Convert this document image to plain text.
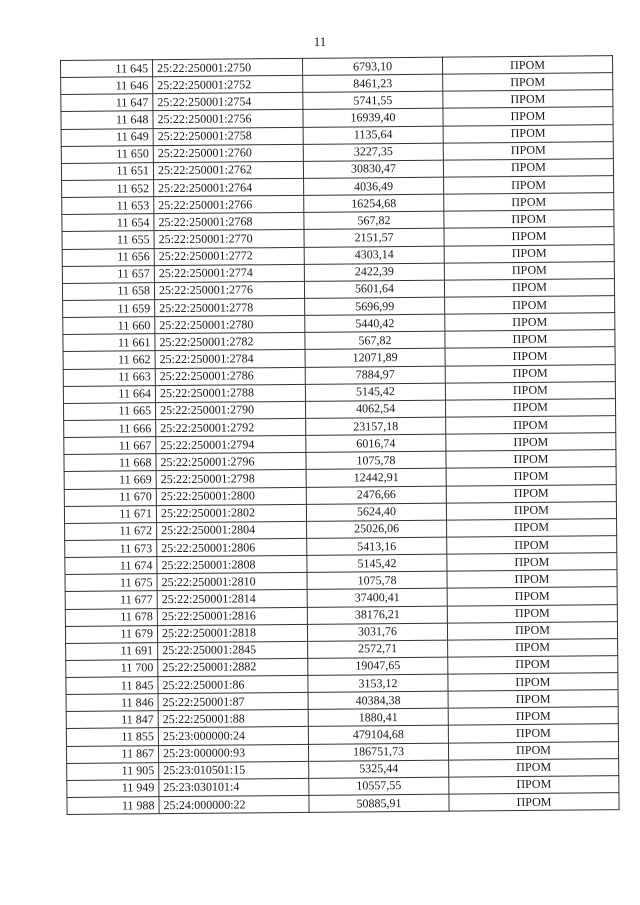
11
11 645	25:22:250001:2750	6793,10	ПРОМ
11 646	25:22:250001:2752	8461,23	ПРОМ
11 647	25:22:250001:2754	5741,55	ПРОМ
11 648	25:22:250001:2756	16939,40	ПРОМ
11 649	25:22:250001:2758	1135,64	ПРОМ
11 650	25:22:250001:2760	3227,35	ПРОМ
11 651	25:22:250001:2762	30830,47	ПРОМ
11 652	25:22:250001:2764	4036,49	ПРОМ
11 653	25:22:250001:2766	16254,68	ПРОМ
11 654	25:22:250001:2768	567,82	ПРОМ
11 655	25:22:250001:2770	2151,57	ПРОМ
11 656	25:22:250001:2772	4303,14	ПРОМ
11 657	25:22:250001:2774	2422,39	ПРОМ
11 658	25:22:250001:2776	5601,64	ПРОМ
11 659	25:22:250001:2778	5696,99	ПРОМ
11 660	25:22:250001:2780	5440,42	ПРОМ
11 661	25:22:250001:2782	567,82	ПРОМ
11 662	25:22:250001:2784	12071,89	ПРОМ
11 663	25:22:250001:2786	7884,97	ПРОМ
11 664	25:22:250001:2788	5145,42	ПРОМ
11 665	25:22:250001:2790	4062,54	ПРОМ
11 666	25:22:250001:2792	23157,18	ПРОМ
11 667	25:22:250001:2794	6016,74	ПРОМ
11 668	25:22:250001:2796	1075,78	ПРОМ
11 669	25:22:250001:2798	12442,91	ПРОМ
11 670	25:22:250001:2800	2476,66	ПРОМ
11 671	25:22:250001:2802	5624,40	ПРОМ
11 672	25:22:250001:2804	25026,06	ПРОМ
11 673	25:22:250001:2806	5413,16	ПРОМ
11 674	25:22:250001:2808	5145,42	ПРОМ
11 675	25:22:250001:2810	1075,78	ПРОМ
11 677	25:22:250001:2814	37400,41	ПРОМ
11 678	25:22:250001:2816	38176,21	ПРОМ
11 679	25:22:250001:2818	3031,76	ПРОМ
11 691	25:22:250001:2845	2572,71	ПРОМ
11 700	25:22:250001:2882	19047,65	ПРОМ
11 845	25:22:250001:86	3153,12	ПРОМ
11 846	25:22:250001:87	40384,38	ПРОМ
11 847	25:22:250001:88	1880,41	ПРОМ
11 855	25:23:000000:24	479104,68	ПРОМ
11 867	25:23:000000:93	186751,73	ПРОМ
11 905	25:23:010501:15	5325,44	ПРОМ
11 949	25:23:030101:4	10557,55	ПРОМ
11 988	25:24:000000:22	50885,91	ПРОМ
